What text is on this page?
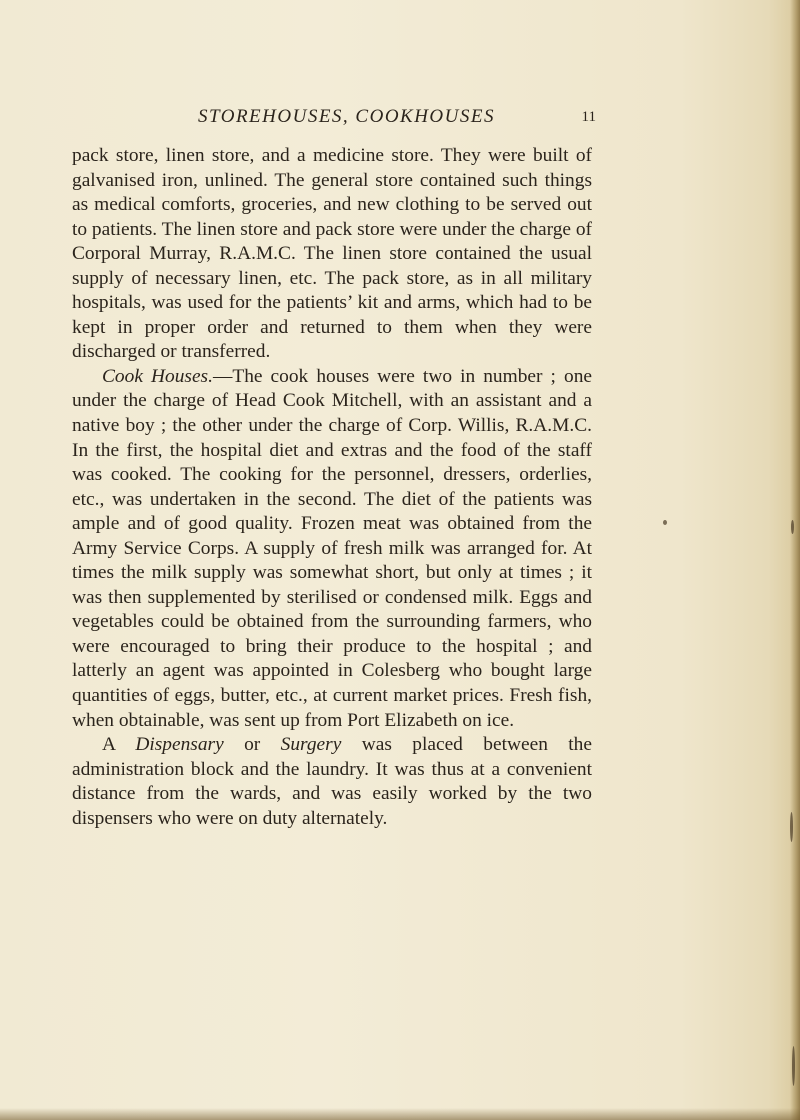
STOREHOUSES, COOKHOUSES	11

pack store, linen store, and a medicine store. They were built of galvanised iron, unlined. The general store contained such things as medical comforts, groceries, and new clothing to be served out to patients. The linen store and pack store were under the charge of Corporal Murray, R.A.M.C. The linen store contained the usual supply of necessary linen, etc. The pack store, as in all military hospitals, was used for the patients’ kit and arms, which had to be kept in proper order and returned to them when they were discharged or transferred.

Cook Houses.—The cook houses were two in number ; one under the charge of Head Cook Mitchell, with an assistant and a native boy ; the other under the charge of Corp. Willis, R.A.M.C. In the first, the hospital diet and extras and the food of the staff was cooked. The cooking for the personnel, dressers, orderlies, etc., was undertaken in the second. The diet of the patients was ample and of good quality. Frozen meat was obtained from the Army Service Corps. A supply of fresh milk was arranged for. At times the milk supply was somewhat short, but only at times ; it was then supplemented by sterilised or condensed milk. Eggs and vegetables could be obtained from the surrounding farmers, who were encouraged to bring their produce to the hospital ; and latterly an agent was appointed in Colesberg who bought large quantities of eggs, butter, etc., at current market prices. Fresh fish, when obtainable, was sent up from Port Elizabeth on ice.

A Dispensary or Surgery was placed between the administration block and the laundry. It was thus at a convenient distance from the wards, and was easily worked by the two dispensers who were on duty alternately.
